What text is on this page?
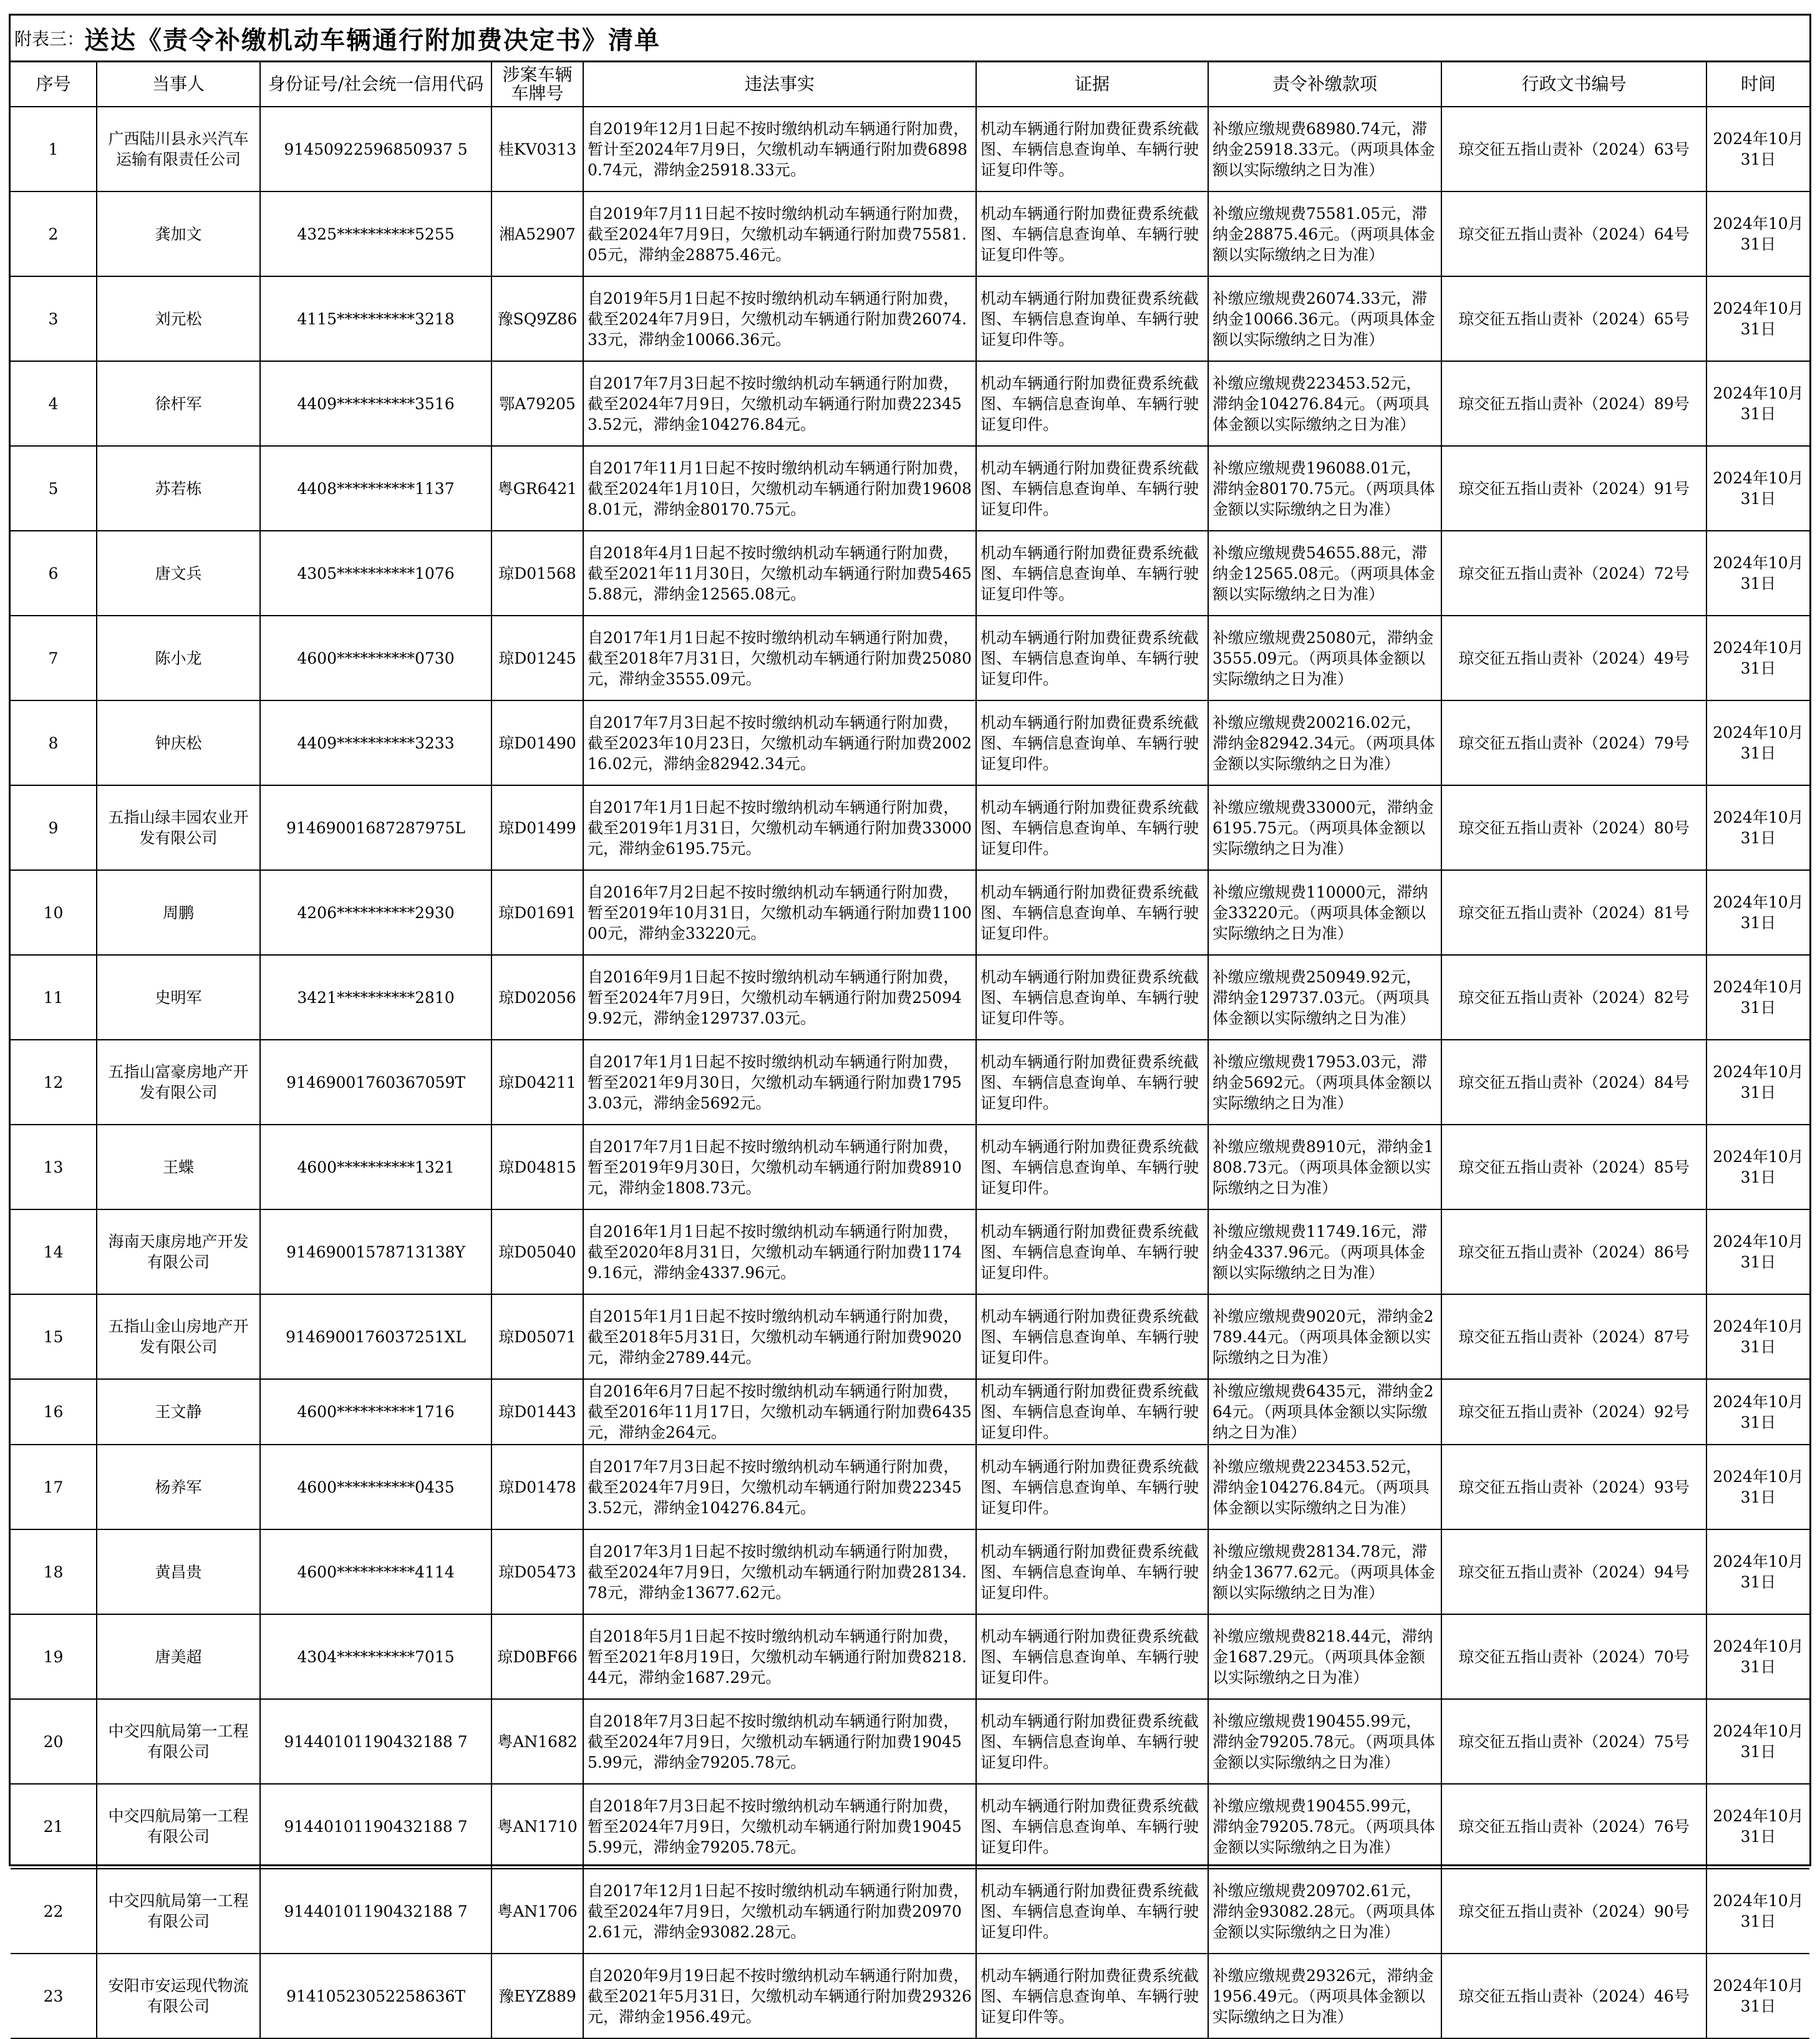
附表三： 送达《责令补缴机动车辆通行附加费决定书》清单
序号	当事人	身份证号/社会统一信用代码	涉案车辆车牌号	违法事实	证据	责令补缴款项	行政文书编号	时间
1	广西陆川县永兴汽车运输有限责任公司	91450922596850937 5	桂KV0313	自2019年12月1日起不按时缴纳机动车辆通行附加费，暂计至2024年7月9日，欠缴机动车辆通行附加费68980.74元，滞纳金25918.33元。	机动车辆通行附加费征费系统截图、车辆信息查询单、车辆行驶证复印件等。	补缴应缴规费68980.74元，滞纳金25918.33元。（两项具体金额以实际缴纳之日为准）	琼交征五指山责补（2024）63号	2024年10月31日
2	龚加文	4325**********5255	湘A52907	自2019年7月11日起不按时缴纳机动车辆通行附加费，截至2024年7月9日，欠缴机动车辆通行附加费75581.05元，滞纳金28875.46元。	机动车辆通行附加费征费系统截图、车辆信息查询单、车辆行驶证复印件等。	补缴应缴规费75581.05元，滞纳金28875.46元。（两项具体金额以实际缴纳之日为准）	琼交征五指山责补（2024）64号	2024年10月31日
3	刘元松	4115**********3218	豫SQ9Z86	自2019年5月1日起不按时缴纳机动车辆通行附加费，截至2024年7月9日，欠缴机动车辆通行附加费26074.33元，滞纳金10066.36元。	机动车辆通行附加费征费系统截图、车辆信息查询单、车辆行驶证复印件等。	补缴应缴规费26074.33元，滞纳金10066.36元。（两项具体金额以实际缴纳之日为准）	琼交征五指山责补（2024）65号	2024年10月31日
4	徐杆军	4409**********3516	鄂A79205	自2017年7月3日起不按时缴纳机动车辆通行附加费，截至2024年7月9日，欠缴机动车辆通行附加费223453.52元，滞纳金104276.84元。	机动车辆通行附加费征费系统截图、车辆信息查询单、车辆行驶证复印件。	补缴应缴规费223453.52元，滞纳金104276.84元。（两项具体金额以实际缴纳之日为准）	琼交征五指山责补（2024）89号	2024年10月31日
5	苏若栋	4408**********1137	粤GR6421	自2017年11月1日起不按时缴纳机动车辆通行附加费，截至2024年1月10日，欠缴机动车辆通行附加费196088.01元，滞纳金80170.75元。	机动车辆通行附加费征费系统截图、车辆信息查询单、车辆行驶证复印件。	补缴应缴规费196088.01元，滞纳金80170.75元。（两项具体金额以实际缴纳之日为准）	琼交征五指山责补（2024）91号	2024年10月31日
6	唐文兵	4305**********1076	琼D01568	自2018年4月1日起不按时缴纳机动车辆通行附加费，截至2021年11月30日，欠缴机动车辆通行附加费54655.88元，滞纳金12565.08元。	机动车辆通行附加费征费系统截图、车辆信息查询单、车辆行驶证复印件等。	补缴应缴规费54655.88元，滞纳金12565.08元。（两项具体金额以实际缴纳之日为准）	琼交征五指山责补（2024）72号	2024年10月31日
7	陈小龙	4600**********0730	琼D01245	自2017年1月1日起不按时缴纳机动车辆通行附加费，截至2018年7月31日，欠缴机动车辆通行附加费25080元，滞纳金3555.09元。	机动车辆通行附加费征费系统截图、车辆信息查询单、车辆行驶证复印件。	补缴应缴规费25080元，滞纳金3555.09元。（两项具体金额以实际缴纳之日为准）	琼交征五指山责补（2024）49号	2024年10月31日
8	钟庆松	4409**********3233	琼D01490	自2017年7月3日起不按时缴纳机动车辆通行附加费，截至2023年10月23日，欠缴机动车辆通行附加费200216.02元，滞纳金82942.34元。	机动车辆通行附加费征费系统截图、车辆信息查询单、车辆行驶证复印件。	补缴应缴规费200216.02元，滞纳金82942.34元。（两项具体金额以实际缴纳之日为准）	琼交征五指山责补（2024）79号	2024年10月31日
9	五指山绿丰园农业开发有限公司	91469001687287975L	琼D01499	自2017年1月1日起不按时缴纳机动车辆通行附加费，截至2019年1月31日，欠缴机动车辆通行附加费33000元，滞纳金6195.75元。	机动车辆通行附加费征费系统截图、车辆信息查询单、车辆行驶证复印件。	补缴应缴规费33000元，滞纳金6195.75元。（两项具体金额以实际缴纳之日为准）	琼交征五指山责补（2024）80号	2024年10月31日
10	周鹏	4206**********2930	琼D01691	自2016年7月2日起不按时缴纳机动车辆通行附加费，暂至2019年10月31日，欠缴机动车辆通行附加费110000元，滞纳金33220元。	机动车辆通行附加费征费系统截图、车辆信息查询单、车辆行驶证复印件。	补缴应缴规费110000元，滞纳金33220元。（两项具体金额以实际缴纳之日为准）	琼交征五指山责补（2024）81号	2024年10月31日
11	史明军	3421**********2810	琼D02056	自2016年9月1日起不按时缴纳机动车辆通行附加费，暂至2024年7月9日，欠缴机动车辆通行附加费250949.92元，滞纳金129737.03元。	机动车辆通行附加费征费系统截图、车辆信息查询单、车辆行驶证复印件等。	补缴应缴规费250949.92元，滞纳金129737.03元。（两项具体金额以实际缴纳之日为准）	琼交征五指山责补（2024）82号	2024年10月31日
12	五指山富豪房地产开发有限公司	91469001760367059T	琼D04211	自2017年1月1日起不按时缴纳机动车辆通行附加费，暂至2021年9月30日，欠缴机动车辆通行附加费17953.03元，滞纳金5692元。	机动车辆通行附加费征费系统截图、车辆信息查询单、车辆行驶证复印件。	补缴应缴规费17953.03元，滞纳金5692元。（两项具体金额以实际缴纳之日为准）	琼交征五指山责补（2024）84号	2024年10月31日
13	王蝶	4600**********1321	琼D04815	自2017年7月1日起不按时缴纳机动车辆通行附加费，暂至2019年9月30日，欠缴机动车辆通行附加费8910元，滞纳金1808.73元。	机动车辆通行附加费征费系统截图、车辆信息查询单、车辆行驶证复印件。	补缴应缴规费8910元，滞纳金1808.73元。（两项具体金额以实际缴纳之日为准）	琼交征五指山责补（2024）85号	2024年10月31日
14	海南天康房地产开发有限公司	91469001578713138Y	琼D05040	自2016年1月1日起不按时缴纳机动车辆通行附加费，截至2020年8月31日，欠缴机动车辆通行附加费11749.16元，滞纳金4337.96元。	机动车辆通行附加费征费系统截图、车辆信息查询单、车辆行驶证复印件。	补缴应缴规费11749.16元，滞纳金4337.96元。（两项具体金额以实际缴纳之日为准）	琼交征五指山责补（2024）86号	2024年10月31日
15	五指山金山房地产开发有限公司	9146900176037251XL	琼D05071	自2015年1月1日起不按时缴纳机动车辆通行附加费，截至2018年5月31日，欠缴机动车辆通行附加费9020元，滞纳金2789.44元。	机动车辆通行附加费征费系统截图、车辆信息查询单、车辆行驶证复印件。	补缴应缴规费9020元，滞纳金2789.44元。（两项具体金额以实际缴纳之日为准）	琼交征五指山责补（2024）87号	2024年10月31日
16	王文静	4600**********1716	琼D01443	自2016年6月7日起不按时缴纳机动车辆通行附加费，截至2016年11月17日，欠缴机动车辆通行附加费6435元，滞纳金264元。	机动车辆通行附加费征费系统截图、车辆信息查询单、车辆行驶证复印件。	补缴应缴规费6435元，滞纳金264元。（两项具体金额以实际缴纳之日为准）	琼交征五指山责补（2024）92号	2024年10月31日
17	杨养军	4600**********0435	琼D01478	自2017年7月3日起不按时缴纳机动车辆通行附加费，截至2024年7月9日，欠缴机动车辆通行附加费223453.52元，滞纳金104276.84元。	机动车辆通行附加费征费系统截图、车辆信息查询单、车辆行驶证复印件。	补缴应缴规费223453.52元，滞纳金104276.84元。（两项具体金额以实际缴纳之日为准）	琼交征五指山责补（2024）93号	2024年10月31日
18	黄昌贵	4600**********4114	琼D05473	自2017年3月1日起不按时缴纳机动车辆通行附加费，截至2024年7月9日，欠缴机动车辆通行附加费28134.78元，滞纳金13677.62元。	机动车辆通行附加费征费系统截图、车辆信息查询单、车辆行驶证复印件。	补缴应缴规费28134.78元，滞纳金13677.62元。（两项具体金额以实际缴纳之日为准）	琼交征五指山责补（2024）94号	2024年10月31日
19	唐美超	4304**********7015	琼D0BF66	自2018年5月1日起不按时缴纳机动车辆通行附加费，暂至2021年8月19日，欠缴机动车辆通行附加费8218.44元，滞纳金1687.29元。	机动车辆通行附加费征费系统截图、车辆信息查询单、车辆行驶证复印件。	补缴应缴规费8218.44元，滞纳金1687.29元。（两项具体金额以实际缴纳之日为准）	琼交征五指山责补（2024）70号	2024年10月31日
20	中交四航局第一工程有限公司	91440101190432188 7	粤AN1682	自2018年7月3日起不按时缴纳机动车辆通行附加费，截至2024年7月9日，欠缴机动车辆通行附加费190455.99元，滞纳金79205.78元。	机动车辆通行附加费征费系统截图、车辆信息查询单、车辆行驶证复印件。	补缴应缴规费190455.99元，滞纳金79205.78元。（两项具体金额以实际缴纳之日为准）	琼交征五指山责补（2024）75号	2024年10月31日
21	中交四航局第一工程有限公司	91440101190432188 7	粤AN1710	自2018年7月3日起不按时缴纳机动车辆通行附加费，暂至2024年7月9日，欠缴机动车辆通行附加费190455.99元，滞纳金79205.78元。	机动车辆通行附加费征费系统截图、车辆信息查询单、车辆行驶证复印件。	补缴应缴规费190455.99元，滞纳金79205.78元。（两项具体金额以实际缴纳之日为准）	琼交征五指山责补（2024）76号	2024年10月31日
22	中交四航局第一工程有限公司	91440101190432188 7	粤AN1706	自2017年12月1日起不按时缴纳机动车辆通行附加费，截至2024年7月9日，欠缴机动车辆通行附加费209702.61元，滞纳金93082.28元。	机动车辆通行附加费征费系统截图、车辆信息查询单、车辆行驶证复印件。	补缴应缴规费209702.61元，滞纳金93082.28元。（两项具体金额以实际缴纳之日为准）	琼交征五指山责补（2024）90号	2024年10月31日
23	安阳市安运现代物流有限公司	91410523052258636T	豫EYZ889	自2020年9月19日起不按时缴纳机动车辆通行附加费，截至2021年5月31日，欠缴机动车辆通行附加费29326元，滞纳金1956.49元。	机动车辆通行附加费征费系统截图、车辆信息查询单、车辆行驶证复印件等。	补缴应缴规费29326元，滞纳金1956.49元。（两项具体金额以实际缴纳之日为准）	琼交征五指山责补（2024）46号	2024年10月31日
